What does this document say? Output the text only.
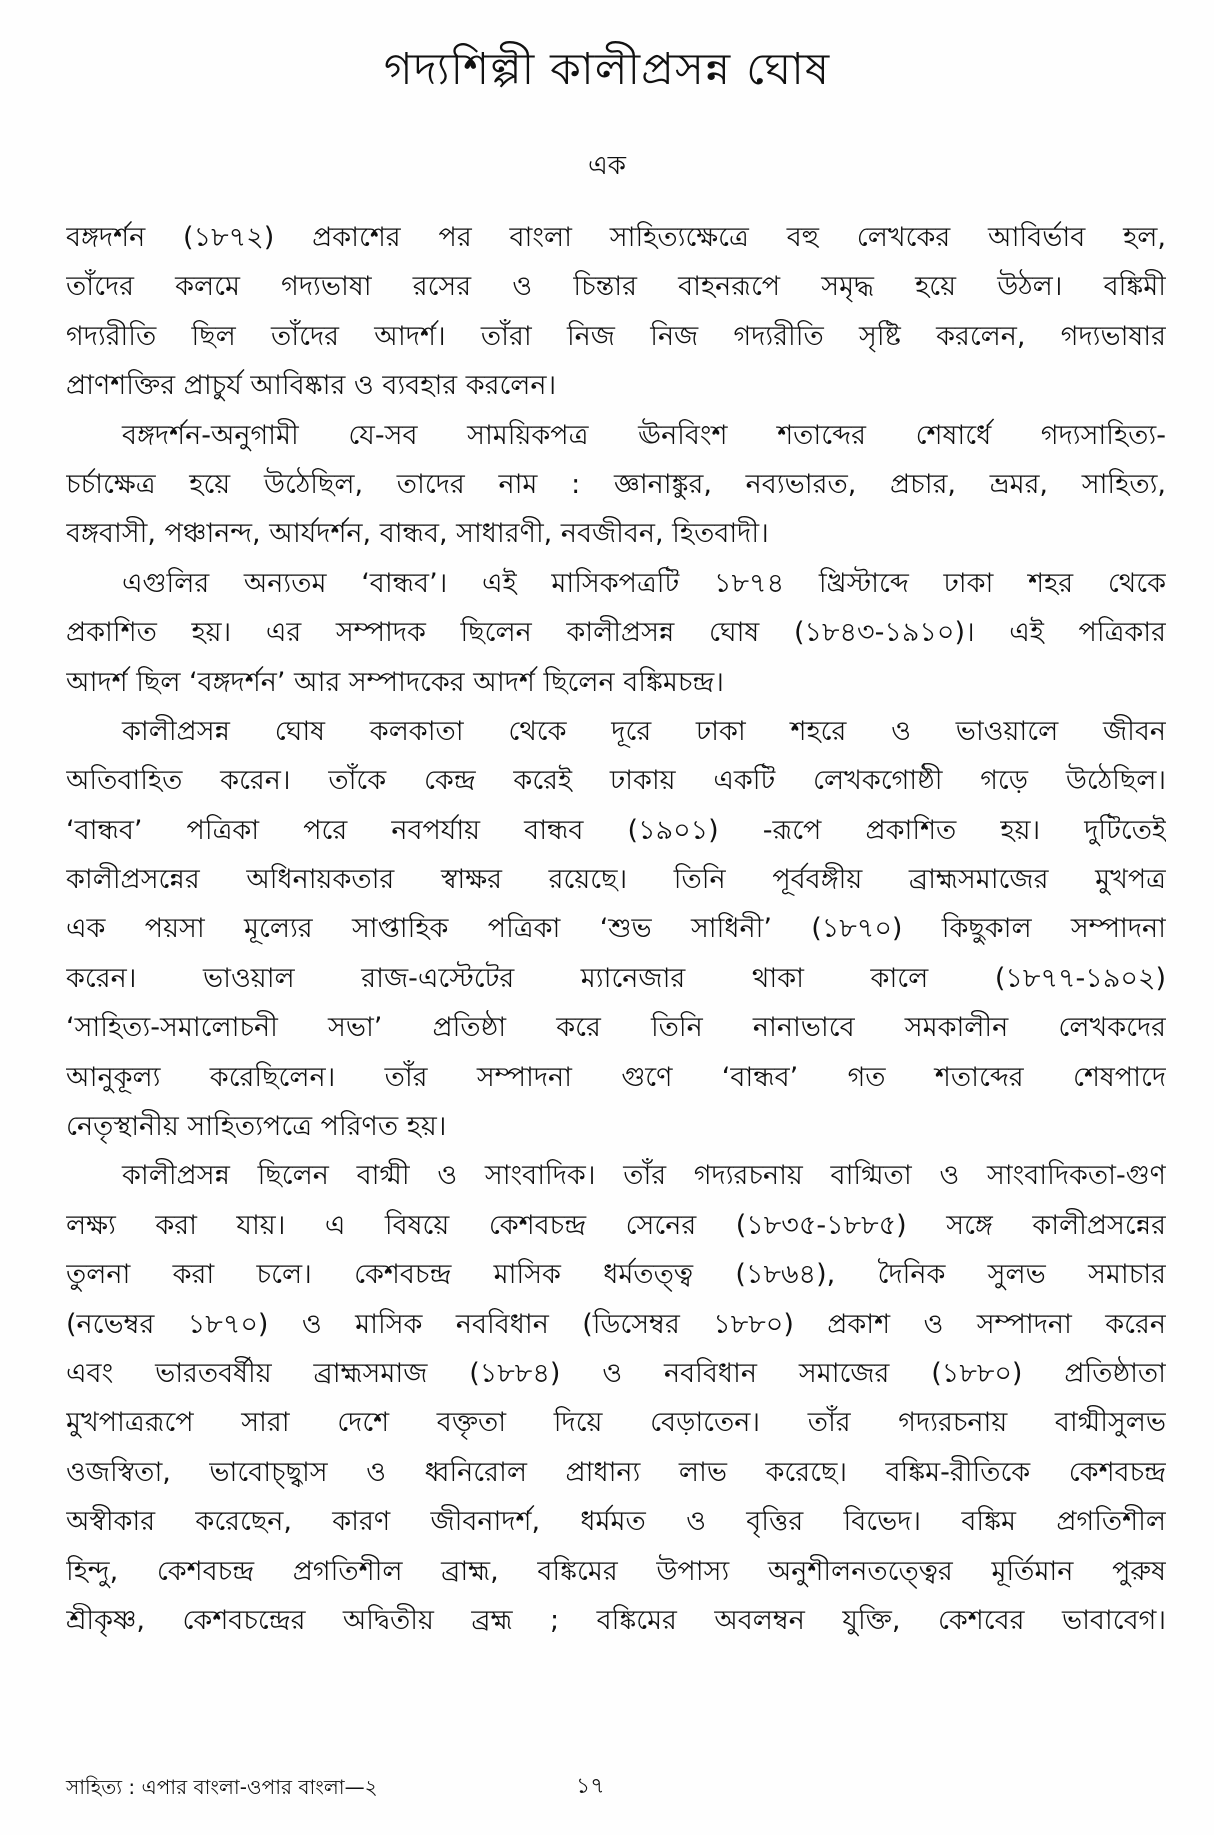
গদ্যশিল্পী কালীপ্রসন্ন ঘোষ
এক
বঙ্গদর্শন (১৮৭২) প্রকাশের পর বাংলা সাহিত্যক্ষেত্রে বহু লেখকের আবির্ভাব হল,
তাঁদের কলমে গদ্যভাষা রসের ও চিন্তার বাহনরূপে সমৃদ্ধ হয়ে উঠল। বঙ্কিমী
গদ্যরীতি ছিল তাঁদের আদর্শ। তাঁরা নিজ নিজ গদ্যরীতি সৃষ্টি করলেন, গদ্যভাষার
প্রাণশক্তির প্রাচুর্য আবিষ্কার ও ব্যবহার করলেন।
বঙ্গদর্শন-অনুগামী যে-সব সাময়িকপত্র ঊনবিংশ শতাব্দের শেষার্ধে গদ্যসাহিত্য-
চর্চাক্ষেত্র হয়ে উঠেছিল, তাদের নাম : জ্ঞানাঙ্কুর, নব্যভারত, প্রচার, ভ্রমর, সাহিত্য,
বঙ্গবাসী, পঞ্চানন্দ, আর্যদর্শন, বান্ধব, সাধারণী, নবজীবন, হিতবাদী।
এগুলির অন্যতম ‘বান্ধব’। এই মাসিকপত্রটি ১৮৭৪ খ্রিস্টাব্দে ঢাকা শহর থেকে
প্রকাশিত হয়। এর সম্পাদক ছিলেন কালীপ্রসন্ন ঘোষ (১৮৪৩-১৯১০)। এই পত্রিকার
আদর্শ ছিল ‘বঙ্গদর্শন’ আর সম্পাদকের আদর্শ ছিলেন বঙ্কিমচন্দ্র।
কালীপ্রসন্ন ঘোষ কলকাতা থেকে দূরে ঢাকা শহরে ও ভাওয়ালে জীবন
অতিবাহিত করেন। তাঁকে কেন্দ্র করেই ঢাকায় একটি লেখকগোষ্ঠী গড়ে উঠেছিল।
‘বান্ধব’ পত্রিকা পরে নবপর্যায় বান্ধব (১৯০১) -রূপে প্রকাশিত হয়। দুটিতেই
কালীপ্রসন্নের অধিনায়কতার স্বাক্ষর রয়েছে। তিনি পূর্ববঙ্গীয় ব্রাহ্মসমাজের মুখপত্র
এক পয়সা মূল্যের সাপ্তাহিক পত্রিকা ‘শুভ সাধিনী’ (১৮৭০) কিছুকাল সম্পাদনা
করেন। ভাওয়াল রাজ-এস্টেটের ম্যানেজার থাকা কালে (১৮৭৭-১৯০২)
‘সাহিত্য-সমালোচনী সভা’ প্রতিষ্ঠা করে তিনি নানাভাবে সমকালীন লেখকদের
আনুকূল্য করেছিলেন। তাঁর সম্পাদনা গুণে ‘বান্ধব’ গত শতাব্দের শেষপাদে
নেতৃস্থানীয় সাহিত্যপত্রে পরিণত হয়।
কালীপ্রসন্ন ছিলেন বাগ্মী ও সাংবাদিক। তাঁর গদ্যরচনায় বাগ্মিতা ও সাংবাদিকতা-গুণ
লক্ষ্য করা যায়। এ বিষয়ে কেশবচন্দ্র সেনের (১৮৩৫-১৮৮৫) সঙ্গে কালীপ্রসন্নের
তুলনা করা চলে। কেশবচন্দ্র মাসিক ধর্মতত্ত্ব (১৮৬৪), দৈনিক সুলভ সমাচার
(নভেম্বর ১৮৭০) ও মাসিক নববিধান (ডিসেম্বর ১৮৮০) প্রকাশ ও সম্পাদনা করেন
এবং ভারতবর্ষীয় ব্রাহ্মসমাজ (১৮৮৪) ও নববিধান সমাজের (১৮৮০) প্রতিষ্ঠাতা
মুখপাত্ররূপে সারা দেশে বক্তৃতা দিয়ে বেড়াতেন। তাঁর গদ্যরচনায় বাগ্মীসুলভ
ওজস্বিতা, ভাবোচ্ছ্বাস ও ধ্বনিরোল প্রাধান্য লাভ করেছে। বঙ্কিম-রীতিকে কেশবচন্দ্র
অস্বীকার করেছেন, কারণ জীবনাদর্শ, ধর্মমত ও বৃত্তির বিভেদ। বঙ্কিম প্রগতিশীল
হিন্দু, কেশবচন্দ্র প্রগতিশীল ব্রাহ্ম, বঙ্কিমের উপাস্য অনুশীলনতত্ত্বের মূর্তিমান পুরুষ
শ্রীকৃষ্ণ, কেশবচন্দ্রের অদ্বিতীয় ব্রহ্ম ; বঙ্কিমের অবলম্বন যুক্তি, কেশবের ভাবাবেগ।
সাহিত্য : এপার বাংলা-ওপার বাংলা—২	১৭
